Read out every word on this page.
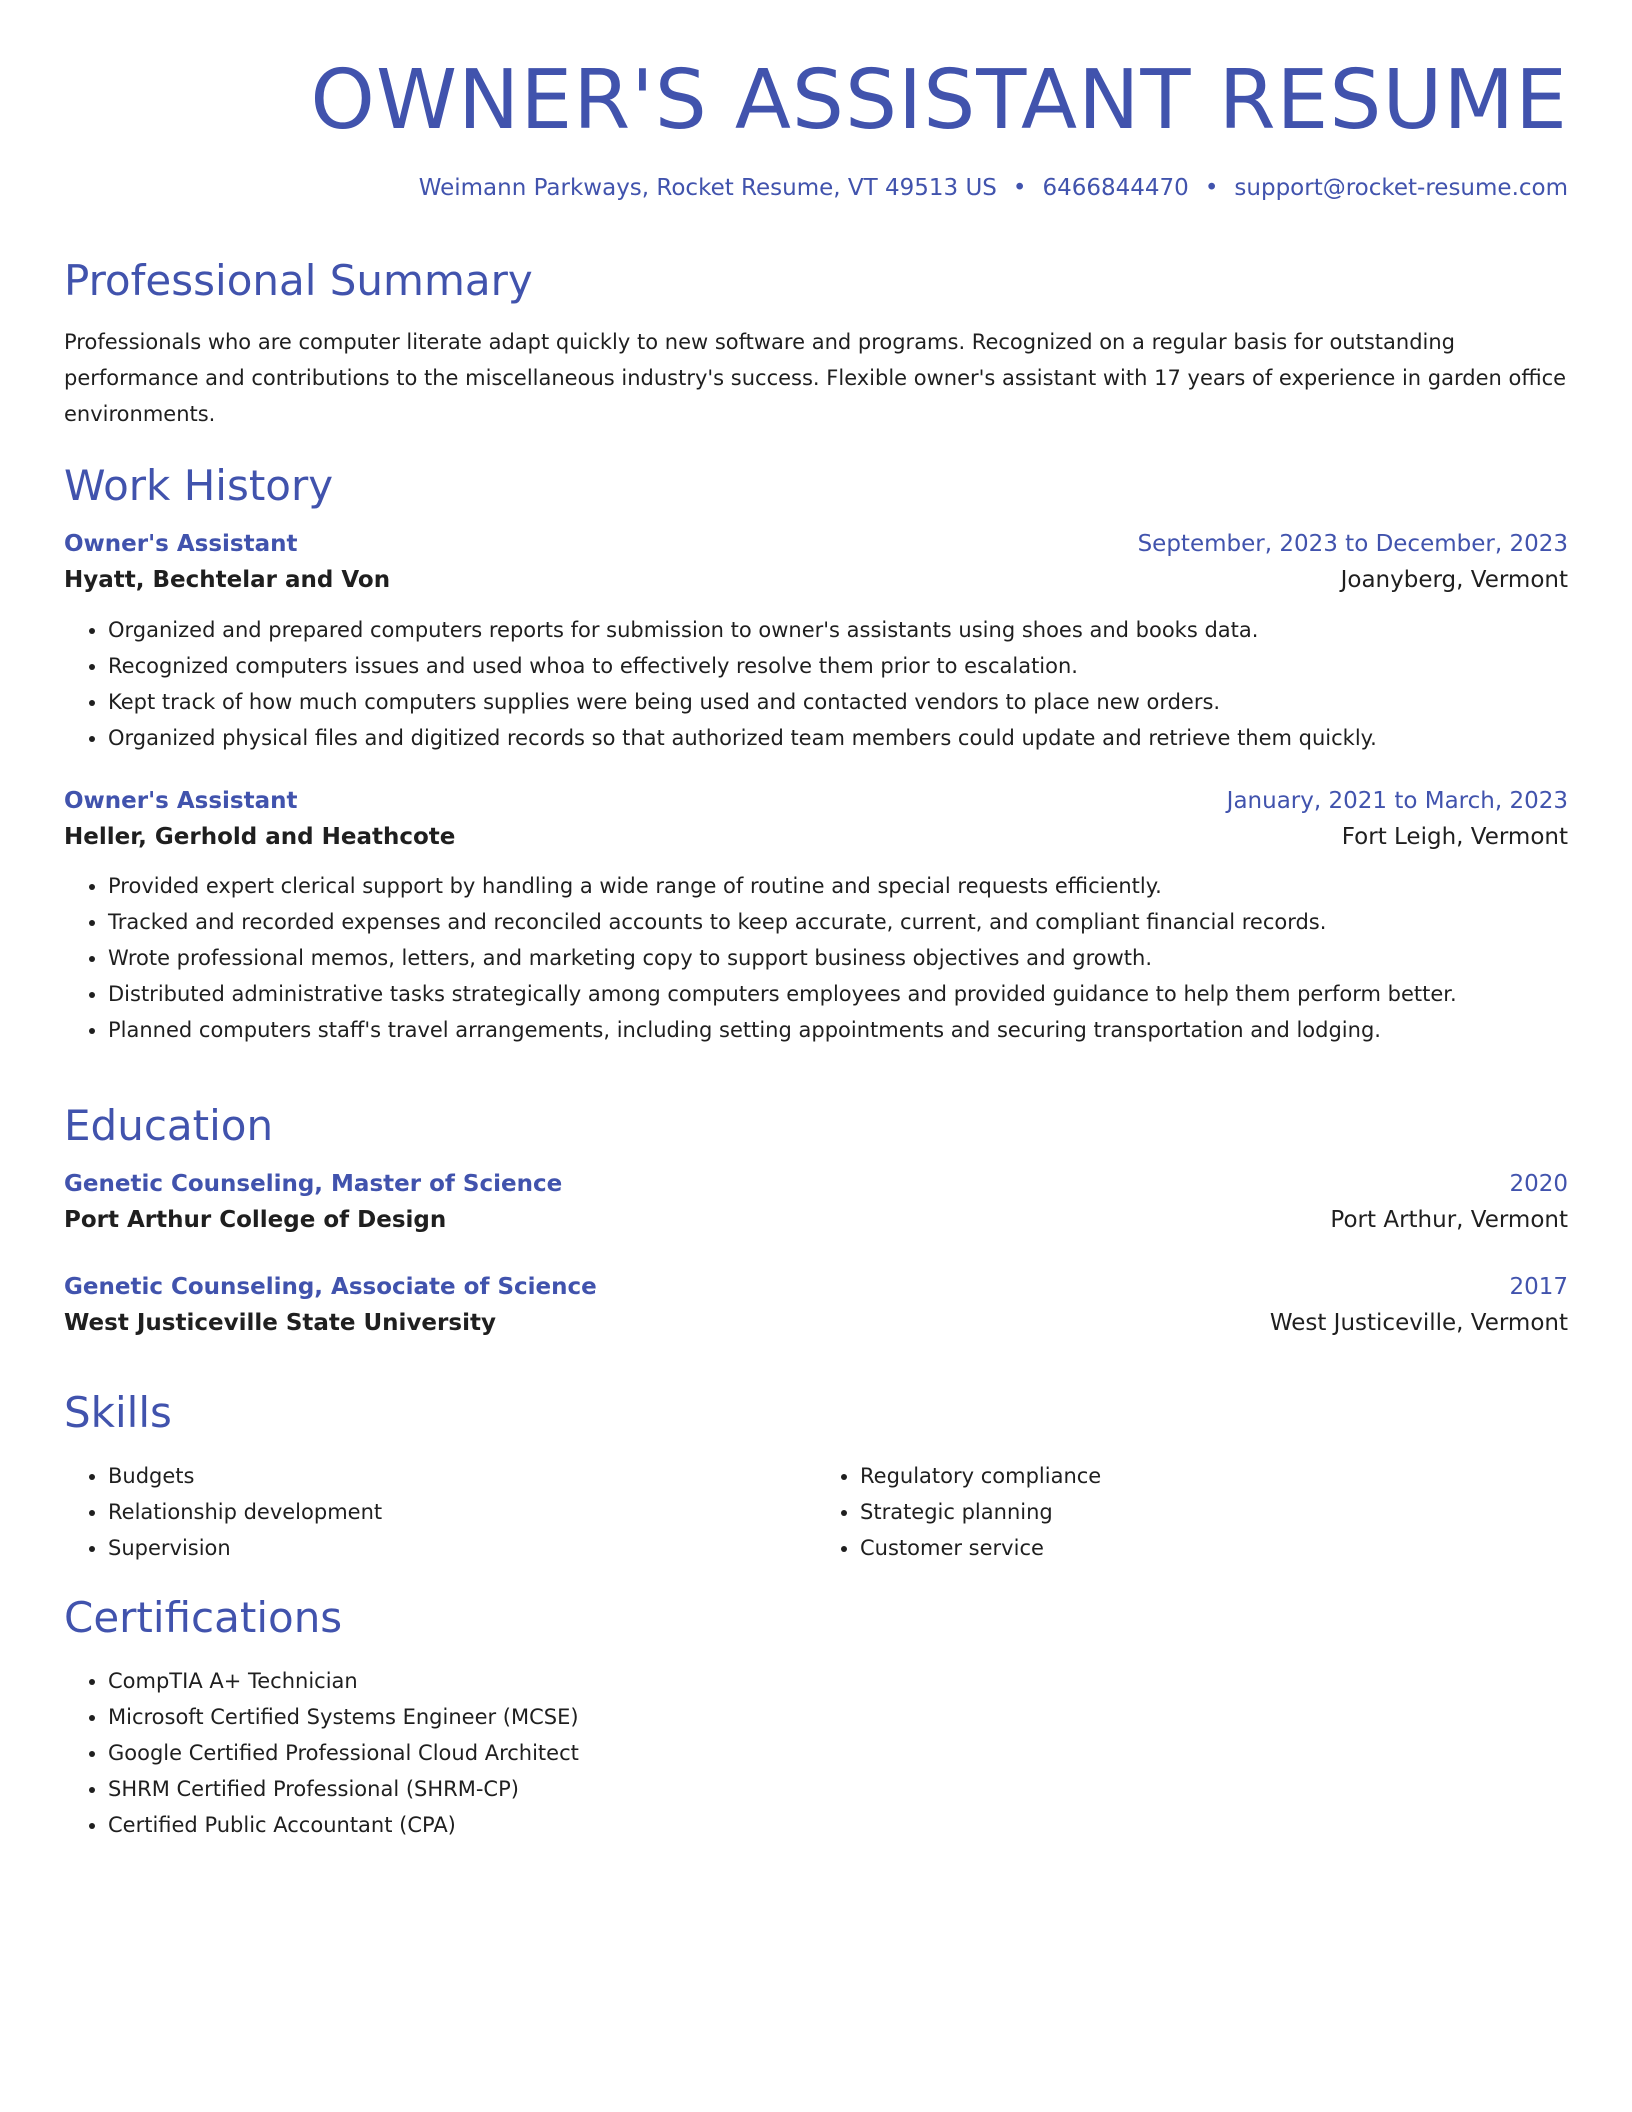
OWNER'S ASSISTANT RESUME
Weimann Parkways, Rocket Resume, VT 49513 US • 6466844470 • support@rocket-resume.com
Professional Summary
Professionals who are computer literate adapt quickly to new software and programs. Recognized on a regular basis for outstanding performance and contributions to the miscellaneous industry's success. Flexible owner's assistant with 17 years of experience in garden office environments.
Work History
Owner's Assistant	September, 2023 to December, 2023
Hyatt, Bechtelar and Von	Joanyberg, Vermont
• Organized and prepared computers reports for submission to owner's assistants using shoes and books data.
• Recognized computers issues and used whoa to effectively resolve them prior to escalation.
• Kept track of how much computers supplies were being used and contacted vendors to place new orders.
• Organized physical files and digitized records so that authorized team members could update and retrieve them quickly.
Owner's Assistant	January, 2021 to March, 2023
Heller, Gerhold and Heathcote	Fort Leigh, Vermont
• Provided expert clerical support by handling a wide range of routine and special requests efficiently.
• Tracked and recorded expenses and reconciled accounts to keep accurate, current, and compliant financial records.
• Wrote professional memos, letters, and marketing copy to support business objectives and growth.
• Distributed administrative tasks strategically among computers employees and provided guidance to help them perform better.
• Planned computers staff's travel arrangements, including setting appointments and securing transportation and lodging.
Education
Genetic Counseling, Master of Science	2020
Port Arthur College of Design	Port Arthur, Vermont
Genetic Counseling, Associate of Science	2017
West Justiceville State University	West Justiceville, Vermont
Skills
• Budgets
• Relationship development
• Supervision
• Regulatory compliance
• Strategic planning
• Customer service
Certifications
• CompTIA A+ Technician
• Microsoft Certified Systems Engineer (MCSE)
• Google Certified Professional Cloud Architect
• SHRM Certified Professional (SHRM-CP)
• Certified Public Accountant (CPA)
